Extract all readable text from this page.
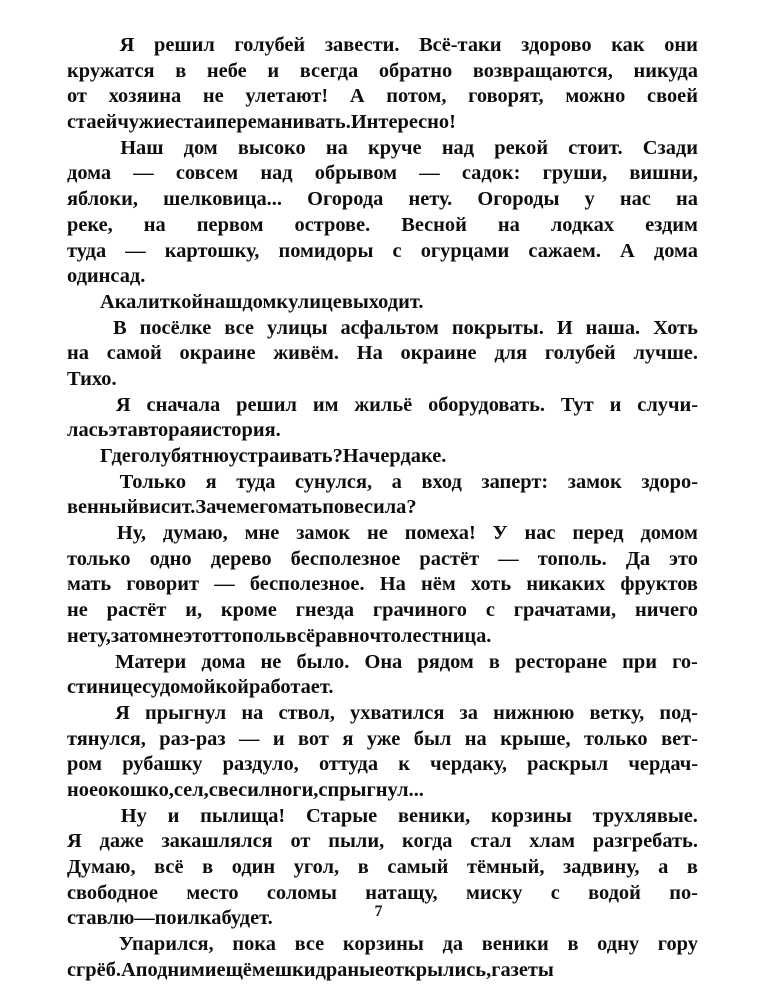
Я решил голубей завести. Всё-таки здорово как они
кружатся в небе и всегда обратно возвращаются, никуда
от хозяина не улетают! А потом, говорят, можно своей
стаей чужие стаи переманивать. Интересно!
Наш дом высоко на круче над рекой стоит. Сзади
дома — совсем над обрывом — садок: груши, вишни,
яблоки, шелковица... Огорода нету. Огороды у нас на
реке, на первом острове. Весной на лодках ездим
туда — картошку, помидоры с огурцами сажаем. А дома
один сад.
А калиткой наш дом к улице выходит.
В посёлке все улицы асфальтом покрыты. И наша. Хоть
на самой окраине живём. На окраине для голубей лучше.
Тихо.
Я сначала решил им жильё оборудовать. Тут и случи-
лась эта вторая история.
Где голубятню устраивать? На чердаке.
Только я туда сунулся, а вход заперт: замок здоро-
венный висит. Зачем его мать повесила?
Ну, думаю, мне замок не помеха! У нас перед домом
только одно дерево бесполезное растёт — тополь. Да это
мать говорит — бесполезное. На нём хоть никаких фруктов
не растёт и, кроме гнезда грачиного с грачатами, ничего
нету, зато мне этот тополь всё равно что лестница.
Матери дома не было. Она рядом в ресторане при го-
стинице судомойкой работает.
Я прыгнул на ствол, ухватился за нижнюю ветку, под-
тянулся, раз-раз — и вот я уже был на крыше, только вет-
ром рубашку раздуло, оттуда к чердаку, раскрыл чердач-
ное окошко, сел, свесил ноги, спрыгнул...
Ну и пылища! Старые веники, корзины трухлявые.
Я даже закашлялся от пыли, когда стал хлам разгребать.
Думаю, всё в один угол, в самый тёмный, задвину, а в
свободное место соломы натащу, миску с водой по-
ставлю — поилка будет.
Упарился, пока все корзины да веники в одну гору
сгрёб. А под ними ещё мешки драные открылись, газеты
7
